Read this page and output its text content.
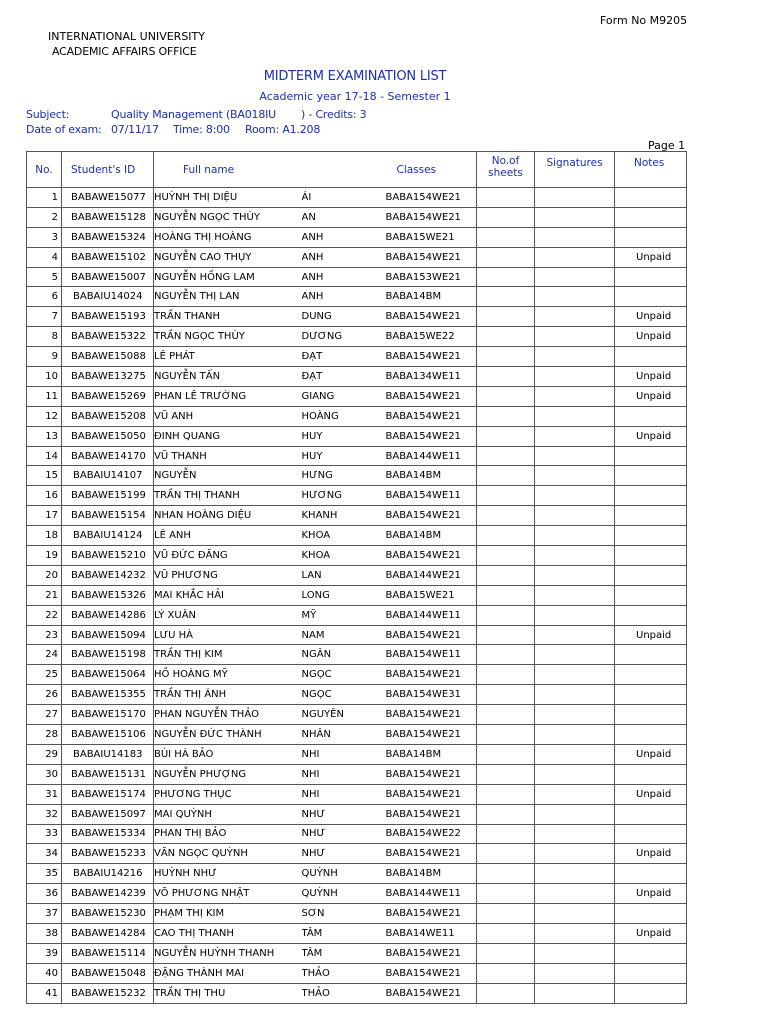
Form No M9205
INTERNATIONAL UNIVERSITY
ACADEMIC AFFAIRS OFFICE
MIDTERM EXAMINATION LIST
Academic year 17-18 - Semester 1
Subject:	Quality Management (BA018IU ) - Credits: 3
Date of exam: 07/11/17 Time: 8:00 Room: A1.208
Page 1
No.	Student's ID	Full name		Classes	No.of
sheets	Signatures	Notes
1	BABAWE15077	HUỲNH THỊ DIỆU	ÁI	BABA154WE21			
2	BABAWE15128	NGUYỄN NGỌC THÙY	AN	BABA154WE21			
3	BABAWE15324	HOÀNG THỊ HOÀNG	ANH	BABA15WE21			
4	BABAWE15102	NGUYỄN CAO THỤY	ANH	BABA154WE21			Unpaid
5	BABAWE15007	NGUYỄN HỒNG LAM	ANH	BABA153WE21			
6	BABAIU14024	NGUYỄN THỊ LAN	ANH	BABA14BM			
7	BABAWE15193	TRẦN THANH	DUNG	BABA154WE21			Unpaid
8	BABAWE15322	TRẦN NGỌC THÙY	DƯƠNG	BABA15WE22			Unpaid
9	BABAWE15088	LÊ PHÁT	ĐẠT	BABA154WE21			
10	BABAWE13275	NGUYỄN TẤN	ĐẠT	BABA134WE11			Unpaid
11	BABAWE15269	PHAN LÊ TRƯỜNG	GIANG	BABA154WE21			Unpaid
12	BABAWE15208	VŨ ANH	HOÀNG	BABA154WE21			
13	BABAWE15050	ĐINH QUANG	HUY	BABA154WE21			Unpaid
14	BABAWE14170	VŨ THANH	HUY	BABA144WE11			
15	BABAIU14107	NGUYỄN	HƯNG	BABA14BM			
16	BABAWE15199	TRẦN THỊ THANH	HƯƠNG	BABA154WE11			
17	BABAWE15154	NHAN HOÀNG DIỆU	KHANH	BABA154WE21			
18	BABAIU14124	LÊ ANH	KHOA	BABA14BM			
19	BABAWE15210	VŨ ĐỨC ĐĂNG	KHOA	BABA154WE21			
20	BABAWE14232	VŨ PHƯƠNG	LAN	BABA144WE21			
21	BABAWE15326	MAI KHẮC HẢI	LONG	BABA15WE21			
22	BABAWE14286	LÝ XUÂN	MỸ	BABA144WE11			
23	BABAWE15094	LƯU HÀ	NAM	BABA154WE21			Unpaid
24	BABAWE15198	TRẦN THỊ KIM	NGÂN	BABA154WE11			
25	BABAWE15064	HỒ HOÀNG MỸ	NGỌC	BABA154WE21			
26	BABAWE15355	TRẦN THỊ ÁNH	NGỌC	BABA154WE31			
27	BABAWE15170	PHAN NGUYỄN THẢO	NGUYÊN	BABA154WE21			
28	BABAWE15106	NGUYỄN ĐỨC THÀNH	NHÂN	BABA154WE21			
29	BABAIU14183	BÙI HÀ BẢO	NHI	BABA14BM			Unpaid
30	BABAWE15131	NGUYỄN PHƯỢNG	NHI	BABA154WE21			
31	BABAWE15174	PHƯƠNG THỤC	NHI	BABA154WE21			Unpaid
32	BABAWE15097	MAI QUỲNH	NHƯ	BABA154WE21			
33	BABAWE15334	PHAN THỊ BẢO	NHƯ	BABA154WE22			
34	BABAWE15233	VĂN NGỌC QUỲNH	NHƯ	BABA154WE21			Unpaid
35	BABAIU14216	HUỲNH NHƯ	QUỲNH	BABA14BM			
36	BABAWE14239	VÕ PHƯƠNG NHẬT	QUỲNH	BABA144WE11			Unpaid
37	BABAWE15230	PHẠM THỊ KIM	SƠN	BABA154WE21			
38	BABAWE14284	CAO THỊ THANH	TÂM	BABA14WE11			Unpaid
39	BABAWE15114	NGUYỄN HUỲNH THANH	TÂM	BABA154WE21			
40	BABAWE15048	ĐẶNG THÀNH MAI	THẢO	BABA154WE21			
41	BABAWE15232	TRẦN THỊ THU	THẢO	BABA154WE21			
